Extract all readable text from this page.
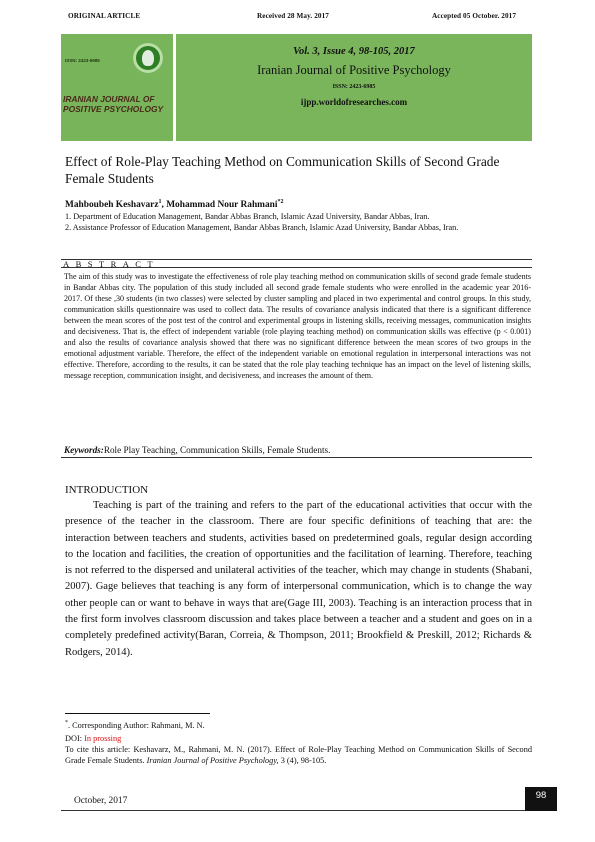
ORIGINAL ARTICLE	Received 28 May. 2017	Accepted 05 October. 2017
ISSN: 2423-6985
IRANIAN JOURNAL OF
POSITIVE PSYCHOLOGY
Vol. 3, Issue 4, 98-105, 2017
Iranian Journal of Positive Psychology
ISSN: 2423-6985
ijpp.worldofresearches.com
Effect of Role-Play Teaching Method on Communication Skills of Second Grade Female Students
Mahboubeh Keshavarz$^1$, Mohammad Nour Rahmani$^{*2}$
1. Department of Education Management, Bandar Abbas Branch, Islamic Azad University, Bandar Abbas, Iran.
2. Assistance Professor of Education Management, Bandar Abbas Branch, Islamic Azad University, Bandar Abbas, Iran.
ABSTRACT
The aim of this study was to investigate the effectiveness of role play teaching method on communication skills of second grade female students in Bandar Abbas city. The population of this study included all second grade female students who were enrolled in the academic year 2016-2017. Of these ,30 students (in two classes) were selected by cluster sampling and placed in two experimental and control groups. In this study, communication skills questionnaire was used to collect data. The results of covariance analysis indicated that there is a significant difference between the mean scores of the post test of the control and experimental groups in listening skills, receiving messages, communication insights and decisiveness. That is, the effect of independent variable (role playing teaching method) on communication skills was effective (p < 0.001) and also the results of covariance analysis showed that there was no significant difference between the mean scores of two groups in the emotional adjustment variable. Therefore, the effect of the independent variable on emotional regulation in interpersonal interactions was not effective. Therefore, according to the results, it can be stated that the role play teaching technique has an impact on the level of listening skills, message reception, communication insight, and decisiveness, and increases the amount of them.
Keywords:Role Play Teaching, Communication Skills, Female Students.
INTRODUCTION
Teaching is part of the training and refers to the part of the educational activities that occur with the presence of the teacher in the classroom. There are four specific definitions of teaching that are: the interaction between teachers and students, activities based on predetermined goals, regular design according to the location and facilities, the creation of opportunities and the facilitation of learning. Therefore, teaching is not referred to the dispersed and unilateral activities of the teacher, which may change in students (Shabani, 2007). Gage believes that teaching is any form of interpersonal communication, which is to change the way other people can or want to behave in ways that are(Gage III, 2003). Teaching is an interaction process that in the first form involves classroom discussion and takes place between a teacher and a student and goes on in a completely predefined activity(Baran, Correia, & Thompson, 2011; Brookfield & Preskill, 2012; Richards & Rodgers, 2014).
*. Corresponding Author: Rahmani, M. N.
DOI: In prossing
To cite this article: Keshavarz, M., Rahmani, M. N. (2017). Effect of Role-Play Teaching Method on Communication Skills of Second Grade Female Students. Iranian Journal of Positive Psychology, 3 (4), 98-105.
October, 2017	98
